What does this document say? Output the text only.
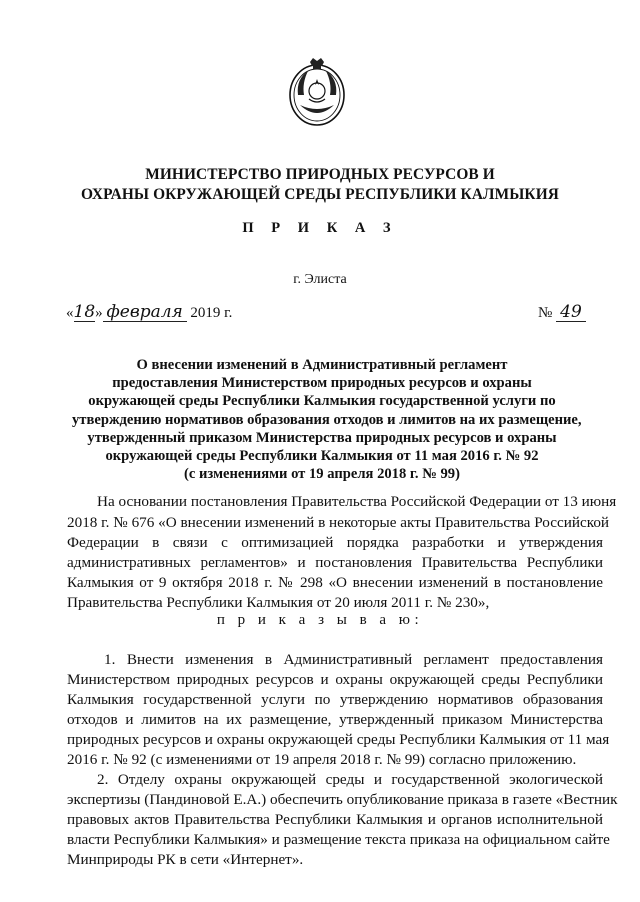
МИНИСТЕРСТВО ПРИРОДНЫХ РЕСУРСОВ И
ОХРАНЫ ОКРУЖАЮЩЕЙ СРЕДЫ РЕСПУБЛИКИ КАЛМЫКИЯ
П Р И К А З
г. Элиста
«18» февраля 2019 г.	№ 49
О внесении изменений в Административный регламент
предоставления Министерством природных ресурсов и охраны
окружающей среды Республики Калмыкия государственной услуги по
утверждению нормативов образования отходов и лимитов на их размещение,
утвержденный приказом Министерства природных ресурсов и охраны
окружающей среды Республики Калмыкия от 11 мая 2016 г. № 92
(с изменениями от 19 апреля 2018 г. № 99)
На основании постановления Правительства Российской Федерации от 13 июня
2018 г. № 676 «О внесении изменений в некоторые акты Правительства Российской
Федерации в связи с оптимизацией порядка разработки и утверждения
административных регламентов» и постановления Правительства Республики
Калмыкия от 9 октября 2018 г. № 298 «О внесении изменений в постановление
Правительства Республики Калмыкия от 20 июля 2011 г. № 230»,
п р и к а з ы в а ю:
1. Внести изменения в Административный регламент предоставления
Министерством природных ресурсов и охраны окружающей среды Республики
Калмыкия государственной услуги по утверждению нормативов образования
отходов и лимитов на их размещение, утвержденный приказом Министерства
природных ресурсов и охраны окружающей среды Республики Калмыкия от 11 мая
2016 г. № 92 (с изменениями от 19 апреля 2018 г. № 99) согласно приложению.
2. Отделу охраны окружающей среды и государственной экологической
экспертизы (Пандиновой Е.А.) обеспечить опубликование приказа в газете «Вестник
правовых актов Правительства Республики Калмыкия и органов исполнительной
власти Республики Калмыкия» и размещение текста приказа на официальном сайте
Минприроды РК в сети «Интернет».
